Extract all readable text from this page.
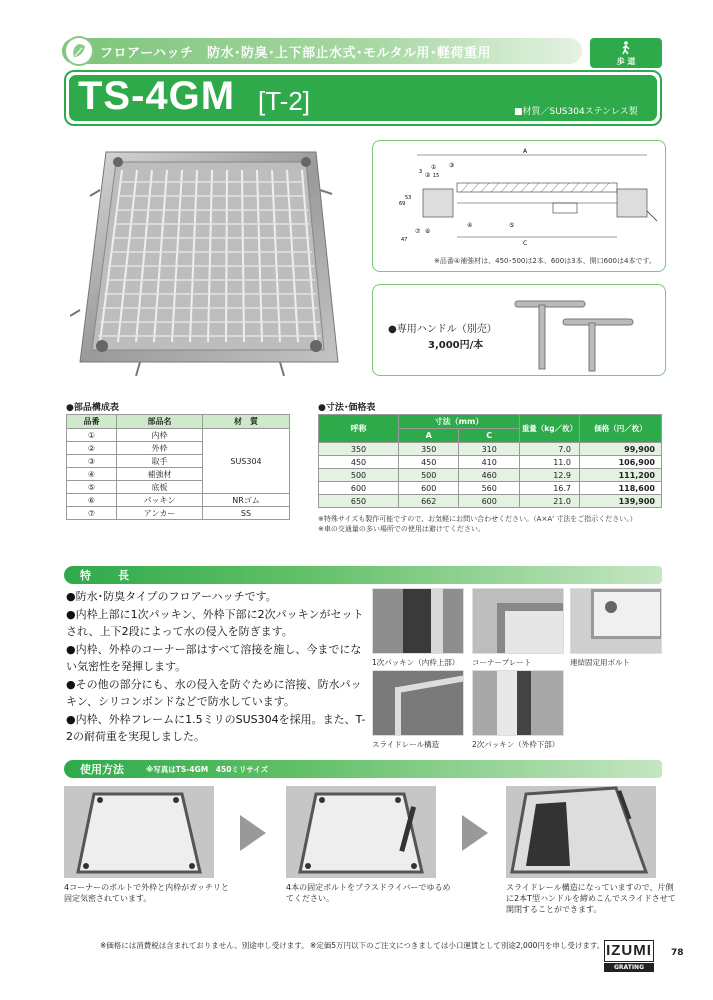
フロアーハッチ　防水･防臭･上下部止水式･モルタル用･軽荷重用
歩 道
TS-4GM [T-2]	■材質／SUS304ステンレス製
A
① ③
②
3
15
69
53
⑦ ⑥
④	⑤
C
47
※品番④補強材は、450･500は2本、600は3本、開口600は4本です。
●専用ハンドル（別売）
3,000円/本
●部品構成表
品番	部品名	材　質
①	内枠	SUS304
②	外枠	
③	取手	
④	補強材	
⑤	底板	
⑥	パッキン	NRゴム
⑦	アンカー	SS
●寸法･価格表
呼称	寸法（mm）		重量（kg／枚）	価格（円／枚）
	A	C		
350	350	310	7.0	99,900
450	450	410	11.0	106,900
500	500	460	12.9	111,200
600	600	560	16.7	118,600
650	662	600	21.0	139,900
※特殊サイズも製作可能ですので、お気軽にお問い合わせください。（A×A' 寸法をご指示ください。）
※車の交通量の多い場所での使用は避けてください。
特　長
●防水･防臭タイプのフロアーハッチです。
●内枠上部に1次パッキン、外枠下部に2次パッキンがセットされ、上下2段によって水の侵入を防ぎます。
●内枠、外枠のコーナー部はすべて溶接を施し、今までにない気密性を発揮します。
●その他の部分にも、水の侵入を防ぐために溶接、防水パッキン、シリコンボンドなどで防水しています。
●内枠、外枠フレームに1.5ミリのSUS304を採用。また、T-2の耐荷重を実現しました。
1次パッキン（内枠上部） コーナープレート	連結固定用ボルト
スライドレール構造	2次パッキン（外枠下部）
使用方法	※写真はTS-4GM　450ミリサイズ
4コーナーのボルトで外枠と内枠がガッチリと固定気密されています。
4本の固定ボルトをプラスドライバーでゆるめてください。
スライドレール構造になっていますので、片側に2本T型ハンドルを締めこんでスライドさせて開閉することができます。
※価格には消費税は含まれておりません。別途申し受けます。 ※定価5万円以下のご注文につきましては小口運賃として別途2,000円を申し受けます。 IZUMI
GRATING
78
